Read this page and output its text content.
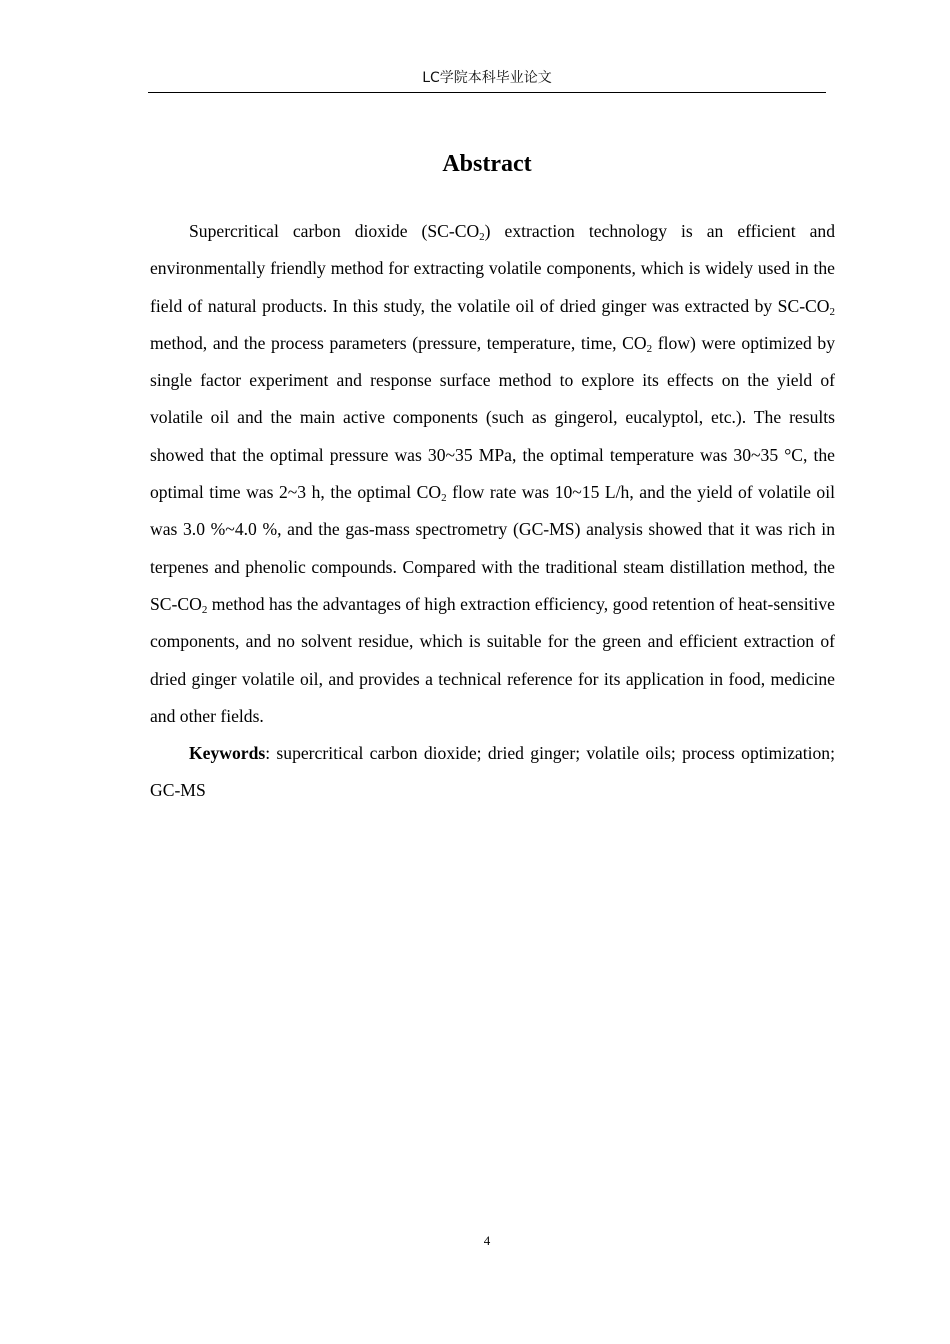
LC学院本科毕业论文
Abstract

Supercritical carbon dioxide $(SC-CO_2)$ extraction technology is an efficient and environmentally friendly method for extracting volatile components, which is widely used in the field of natural products. In this study, the volatile oil of dried ginger was extracted by $SC-CO_2$ method, and the process parameters (pressure, temperature, time, $CO_2$ flow) were optimized by single factor experiment and response surface method to explore its effects on the yield of volatile oil and the main active components (such as gingerol, eucalyptol, etc.). The results showed that the optimal pressure was 30~35 MPa, the optimal temperature was 30~35 °C, the optimal time was 2~3 h, the optimal $CO_2$ flow rate was 10~15 L/h, and the yield of volatile oil was 3.0 %~4.0 %, and the gas-mass spectrometry (GC-MS) analysis showed that it was rich in terpenes and phenolic compounds. Compared with the traditional steam distillation method, the $SC-CO_2$ method has the advantages of high extraction efficiency, good retention of heat-sensitive components, and no solvent residue, which is suitable for the green and efficient extraction of dried ginger volatile oil, and provides a technical reference for its application in food, medicine and other fields.

Keywords: supercritical carbon dioxide; dried ginger; volatile oils; process optimization; GC-MS

4
